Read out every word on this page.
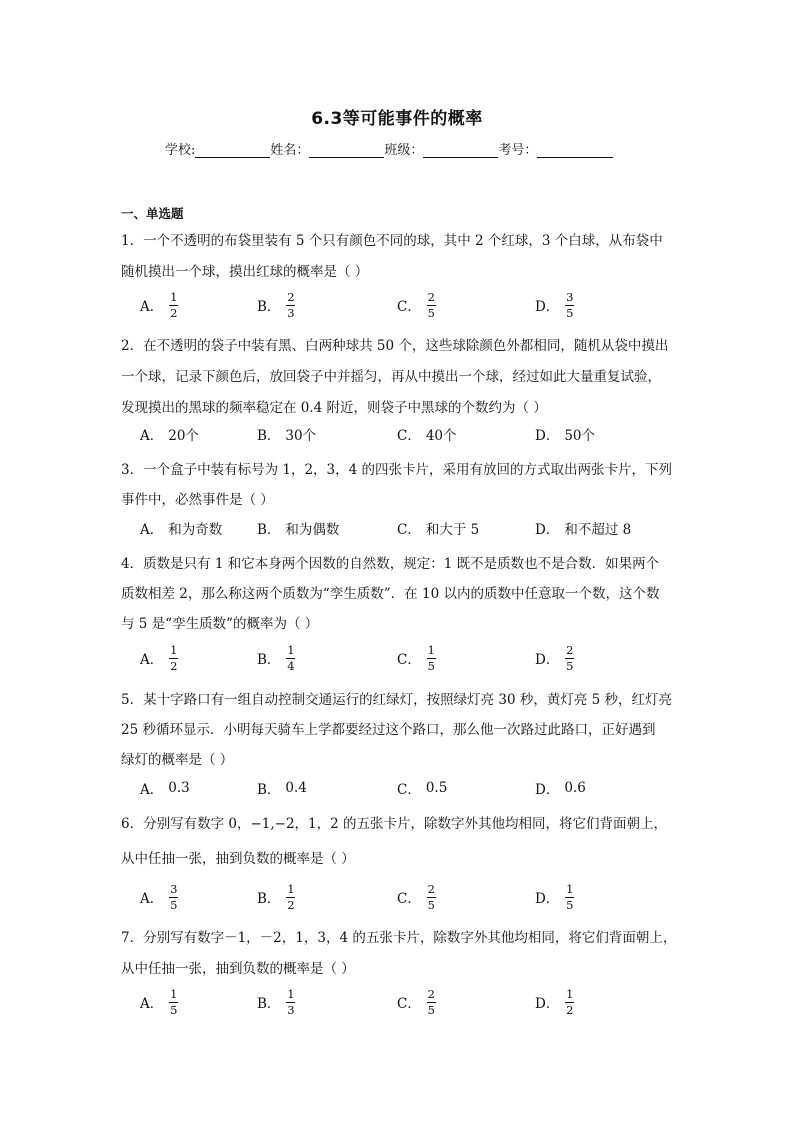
6.3等可能事件的概率
学校:	姓名：	班级：	考号：
一、单选题
1．一个不透明的布袋里装有 5 个只有颜色不同的球，其中 2 个红球，3 个白球，从布袋中
随机摸出一个球，摸出红球的概率是（ ）
A． $\frac{1}{2}$	B． $\frac{2}{3}$	C． $\frac{2}{5}$	D． $\frac{3}{5}$
2．在不透明的袋子中装有黑、白两种球共 50 个，这些球除颜色外都相同，随机从袋中摸出
一个球，记录下颜色后，放回袋子中并摇匀，再从中摸出一个球，经过如此大量重复试验，
发现摸出的黑球的频率稳定在 0.4 附近，则袋子中黑球的个数约为（ ）
A． 20个	B． 30个	C． 40个	D． 50个
3．一个盒子中装有标号为 1，2，3，4 的四张卡片，采用有放回的方式取出两张卡片，下列
事件中，必然事件是（ ）
A． 和为奇数	B． 和为偶数	C． 和大于 5	D． 和不超过 8
4．质数是只有 1 和它本身两个因数的自然数，规定：1 既不是质数也不是合数．如果两个
质数相差 2，那么称这两个质数为“孪生质数”．在 10 以内的质数中任意取一个数，这个数
与 5 是“孪生质数”的概率为（ ）
A． $\frac{1}{2}$	B． $\frac{1}{4}$	C． $\frac{1}{5}$	D． $\frac{2}{5}$
5．某十字路口有一组自动控制交通运行的红绿灯，按照绿灯亮 30 秒，黄灯亮 5 秒，红灯亮
25 秒循环显示．小明每天骑车上学都要经过这个路口，那么他一次路过此路口，正好遇到
绿灯的概率是（ ）
A． 0.3	B． 0.4	C． 0.5	D． 0.6
6．分别写有数字 0，−1,−2，1，2 的五张卡片，除数字外其他均相同，将它们背面朝上，
从中任抽一张，抽到负数的概率是（ ）
A． $\frac{3}{5}$	B． $\frac{1}{2}$	C． $\frac{2}{5}$	D． $\frac{1}{5}$
7．分别写有数字－1，－2，1，3，4 的五张卡片，除数字外其他均相同，将它们背面朝上，
从中任抽一张，抽到负数的概率是（ ）
A． $\frac{1}{5}$	B． $\frac{1}{3}$	C． $\frac{2}{5}$	D． $\frac{1}{2}$
